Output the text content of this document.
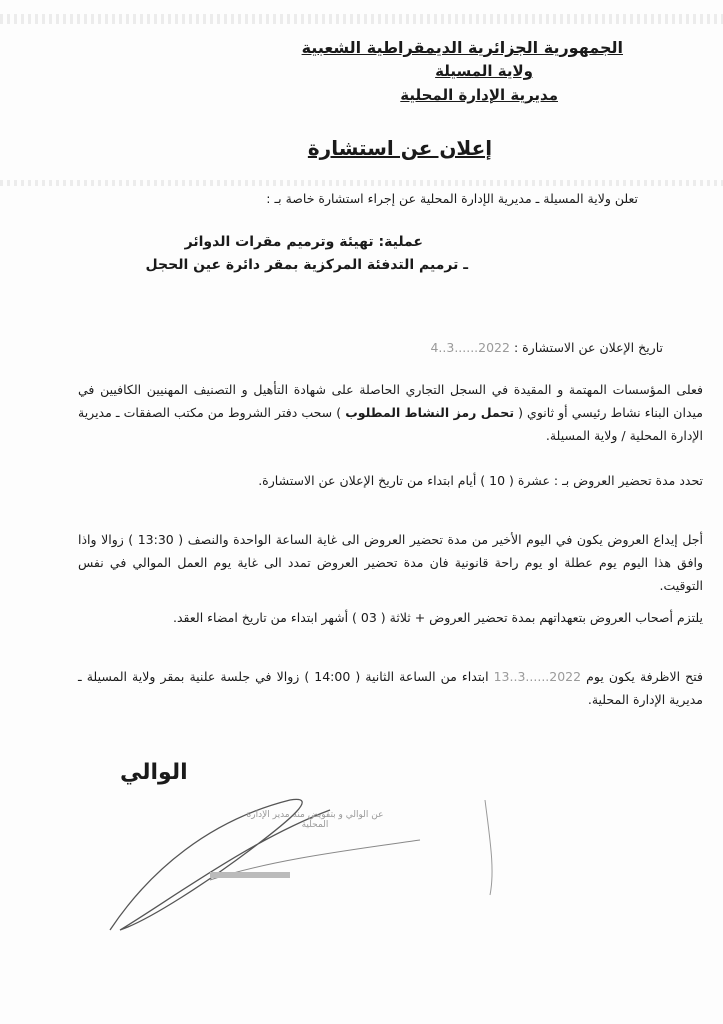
الجمهورية الجزائرية الديمقراطية الشعبية
ولاية المسيلة
مديرية الإدارة المحلية
إعلان عن استشارة
تعلن ولاية المسيلة ـ مديرية الإدارة المحلية عن إجراء استشارة خاصة بـ :
عملية: تهيئة وترميم مقرات الدوائر
ـ ترميم التدفئة المركزية بمقر دائرة عين الحجل
تاريخ الإعلان عن الاستشارة : 2022......3..4
فعلى المؤسسات المهتمة و المقيدة في السجل التجاري الحاصلة على شهادة التأهيل و التصنيف المهنيين الكافيين في ميدان البناء نشاط رئيسي أو ثانوي ( تحمل رمز النشاط المطلوب ) سحب دفتر الشروط من مكتب الصفقات ـ مديرية الإدارة المحلية / ولاية المسيلة.
تحدد مدة تحضير العروض بـ : عشرة ( 10 ) أيام ابتداء من تاريخ الإعلان عن الاستشارة.
أجل إيداع العروض يكون في اليوم الأخير من مدة تحضير العروض الى غاية الساعة الواحدة والنصف ( 13:30 ) زوالا واذا وافق هذا اليوم يوم عطلة او يوم راحة قانونية فان مدة تحضير العروض تمدد الى غاية يوم العمل الموالي في نفس التوقيت.
يلتزم أصحاب العروض بتعهداتهم بمدة تحضير العروض + ثلاثة ( 03 ) أشهر ابتداء من تاريخ امضاء العقد.
فتح الاظرفة يكون يوم 2022......3..13 ابتداء من الساعة الثانية ( 14:00 ) زوالا في جلسة علنية بمقر ولاية المسيلة ـ مديرية الإدارة المحلية.
الوالي
عن الوالي و بتفويض منه مدير الإدارة المحلية
